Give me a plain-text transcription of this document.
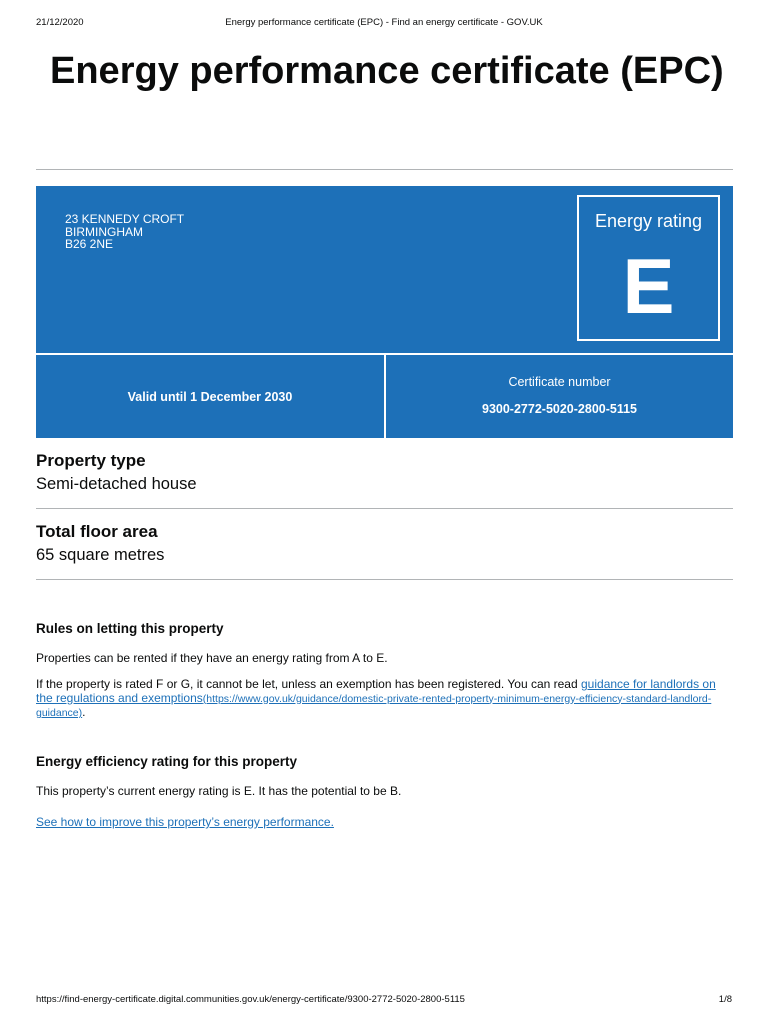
21/12/2020	Energy performance certificate (EPC) - Find an energy certificate - GOV.UK
Energy performance certificate (EPC)
23 KENNEDY CROFT
BIRMINGHAM
B26 2NE
Energy rating
E
Valid until 1 December 2030
Certificate number
9300-2772-5020-2800-5115
Property type

Semi-detached house

Total floor area

65 square metres

Rules on letting this property

Properties can be rented if they have an energy rating from A to E.

If the property is rated F or G, it cannot be let, unless an exemption has been registered. You can read guidance for landlords on the regulations and exemptions(https://www.gov.uk/guidance/domestic-private-rented-property-minimum-energy-efficiency-standard-landlord-guidance).

Energy efficiency rating for this property

This property’s current energy rating is E. It has the potential to be B.

See how to improve this property’s energy performance.

https://find-energy-certificate.digital.communities.gov.uk/energy-certificate/9300-2772-5020-2800-5115	1/8
